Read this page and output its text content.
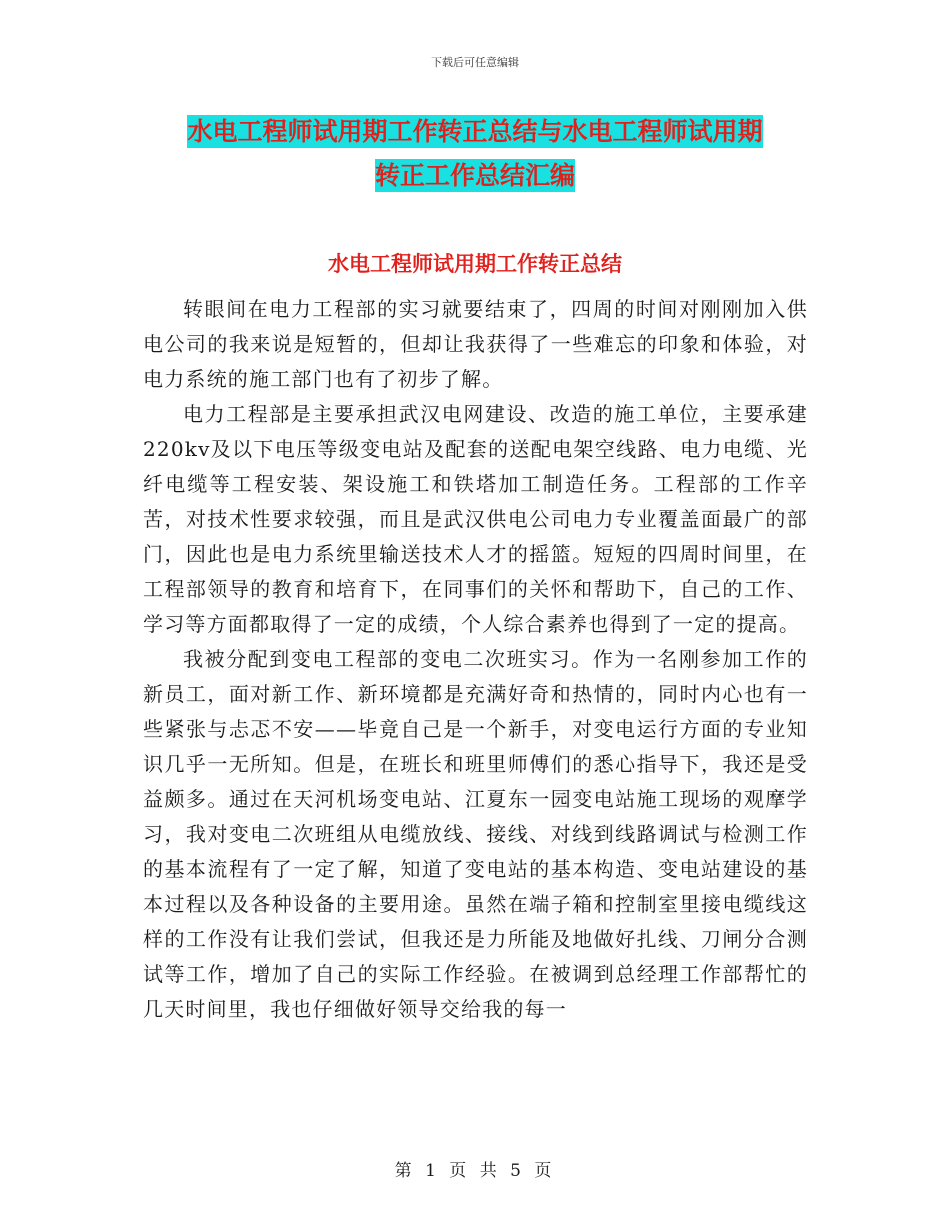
下载后可任意编辑
水电工程师试用期工作转正总结与水电工程师试用期
转正工作总结汇编
水电工程师试用期工作转正总结

转眼间在电力工程部的实习就要结束了，四周的时间对刚刚加入供电公司的我来说是短暂的，但却让我获得了一些难忘的印象和体验，对电力系统的施工部门也有了初步了解。

电力工程部是主要承担武汉电网建设、改造的施工单位，主要承建220kv及以下电压等级变电站及配套的送配电架空线路、电力电缆、光纤电缆等工程安装、架设施工和铁塔加工制造任务。工程部的工作辛苦，对技术性要求较强，而且是武汉供电公司电力专业覆盖面最广的部门，因此也是电力系统里输送技术人才的摇篮。短短的四周时间里，在工程部领导的教育和培育下，在同事们的关怀和帮助下，自己的工作、学习等方面都取得了一定的成绩，个人综合素养也得到了一定的提高。

我被分配到变电工程部的变电二次班实习。作为一名刚参加工作的新员工，面对新工作、新环境都是充满好奇和热情的，同时内心也有一些紧张与忐忑不安——毕竟自己是一个新手，对变电运行方面的专业知识几乎一无所知。但是，在班长和班里师傅们的悉心指导下，我还是受益颇多。通过在天河机场变电站、江夏东一园变电站施工现场的观摩学习，我对变电二次班组从电缆放线、接线、对线到线路调试与检测工作的基本流程有了一定了解，知道了变电站的基本构造、变电站建设的基本过程以及各种设备的主要用途。虽然在端子箱和控制室里接电缆线这样的工作没有让我们尝试，但我还是力所能及地做好扎线、刀闸分合测试等工作，增加了自己的实际工作经验。在被调到总经理工作部帮忙的几天时间里，我也仔细做好领导交给我的每一

第 1 页 共 5 页
